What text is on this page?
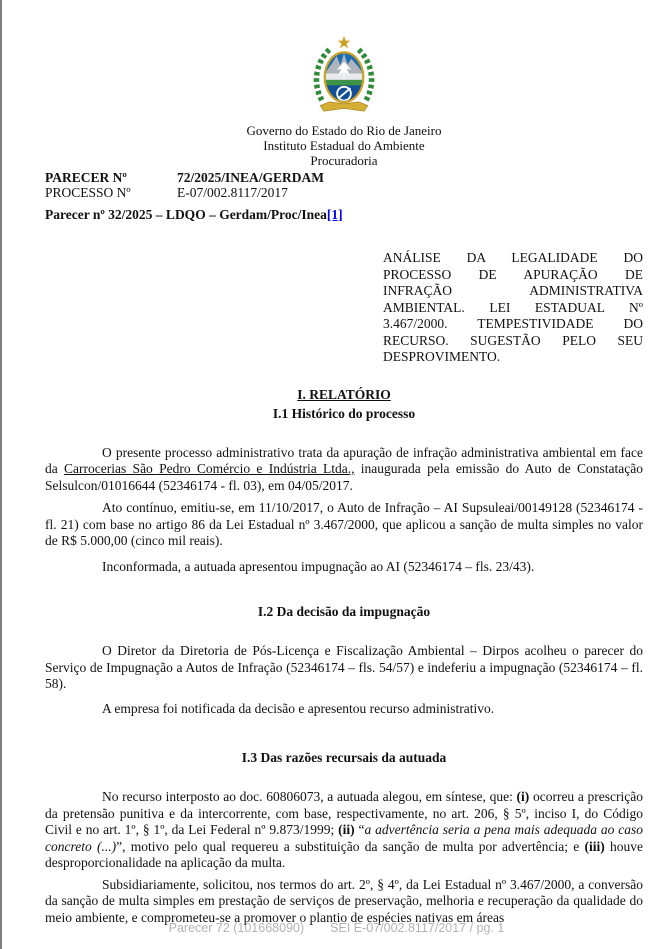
Governo do Estado do Rio de Janeiro
Instituto Estadual do Ambiente
Procuradoria
PARECER Nº	72/2025/INEA/GERDAM
PROCESSO Nº	E-07/002.8117/2017
Parecer nº 32/2025 – LDQO – Gerdam/Proc/Inea[1]
ANÁLISE DA LEGALIDADE DO PROCESSO DE APURAÇÃO DE INFRAÇÃO ADMINISTRATIVA AMBIENTAL. LEI ESTADUAL Nº 3.467/2000. TEMPESTIVIDADE DO RECURSO. SUGESTÃO PELO SEU DESPROVIMENTO.
I. RELATÓRIO
I.1 Histórico do processo

O presente processo administrativo trata da apuração de infração administrativa ambiental em face da Carrocerias São Pedro Comércio e Indústria Ltda., inaugurada pela emissão do Auto de Constatação Selsulcon/01016644 (52346174 - fl. 03), em 04/05/2017.

Ato contínuo, emitiu-se, em 11/10/2017, o Auto de Infração – AI Supsuleai/00149128 (52346174 - fl. 21) com base no artigo 86 da Lei Estadual nº 3.467/2000, que aplicou a sanção de multa simples no valor de R$ 5.000,00 (cinco mil reais).

Inconformada, a autuada apresentou impugnação ao AI (52346174 – fls. 23/43).

I.2 Da decisão da impugnação

O Diretor da Diretoria de Pós-Licença e Fiscalização Ambiental – Dirpos acolheu o parecer do Serviço de Impugnação a Autos de Infração (52346174 – fls. 54/57) e indeferiu a impugnação (52346174 – fl. 58).

A empresa foi notificada da decisão e apresentou recurso administrativo.

I.3 Das razões recursais da autuada

No recurso interposto ao doc. 60806073, a autuada alegou, em síntese, que: (i) ocorreu a prescrição da pretensão punitiva e da intercorrente, com base, respectivamente, no art. 206, § 5º, inciso I, do Código Civil e no art. 1º, § 1º, da Lei Federal nº 9.873/1999; (ii) “a advertência seria a pena mais adequada ao caso concreto (...)”, motivo pelo qual requereu a substituição da sanção de multa por advertência; e (iii) houve desproporcionalidade na aplicação da multa.

Subsidiariamente, solicitou, nos termos do art. 2º, § 4º, da Lei Estadual nº 3.467/2000, a conversão da sanção de multa simples em prestação de serviços de preservação, melhoria e recuperação da qualidade do meio ambiente, e comprometeu-se a promover o plantio de espécies nativas em áreas

Parecer 72 (101668090) SEI E-07/002.8117/2017 / pg. 1
